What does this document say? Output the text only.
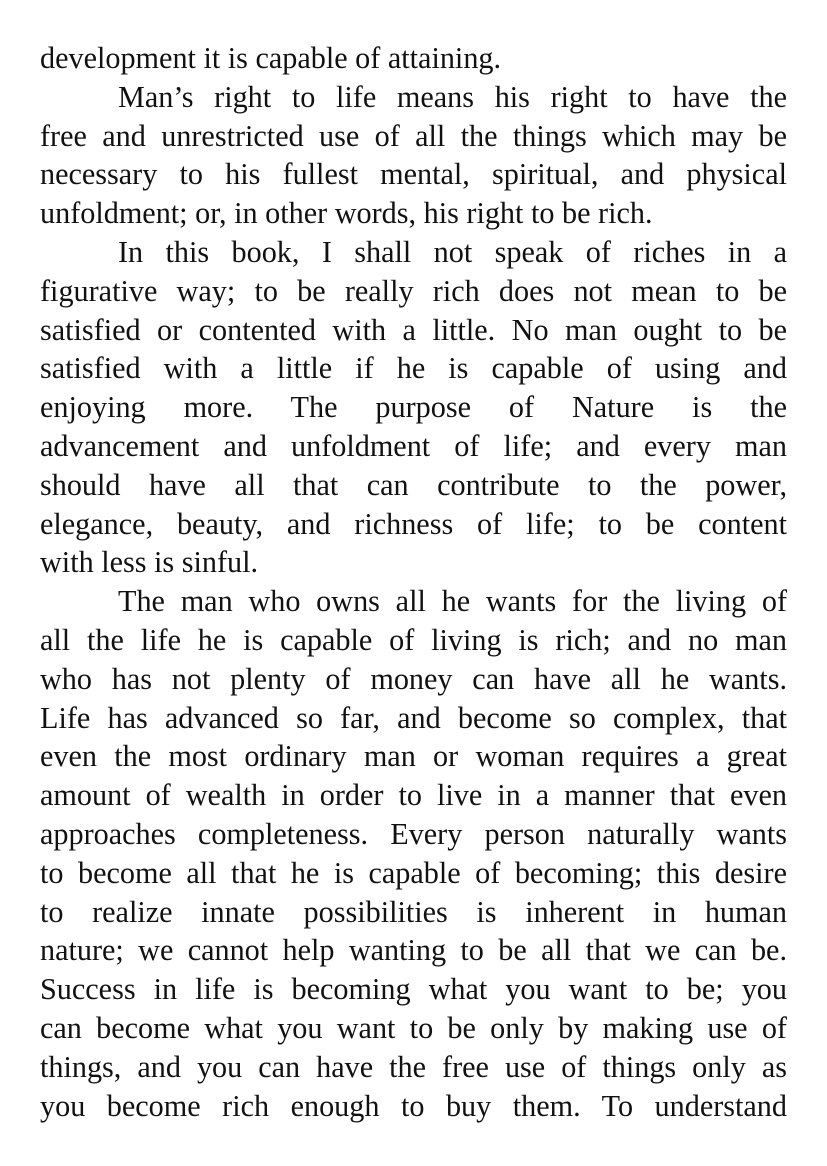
development it is capable of attaining.
Man’s right to life means his right to have the
free and unrestricted use of all the things which may be
necessary to his fullest mental, spiritual, and physical
unfoldment; or, in other words, his right to be rich.
In this book, I shall not speak of riches in a
figurative way; to be really rich does not mean to be
satisfied or contented with a little. No man ought to be
satisfied with a little if he is capable of using and
enjoying more. The purpose of Nature is the
advancement and unfoldment of life; and every man
should have all that can contribute to the power,
elegance, beauty, and richness of life; to be content
with less is sinful.
The man who owns all he wants for the living of
all the life he is capable of living is rich; and no man
who has not plenty of money can have all he wants.
Life has advanced so far, and become so complex, that
even the most ordinary man or woman requires a great
amount of wealth in order to live in a manner that even
approaches completeness. Every person naturally wants
to become all that he is capable of becoming; this desire
to realize innate possibilities is inherent in human
nature; we cannot help wanting to be all that we can be.
Success in life is becoming what you want to be; you
can become what you want to be only by making use of
things, and you can have the free use of things only as
you become rich enough to buy them. To understand
